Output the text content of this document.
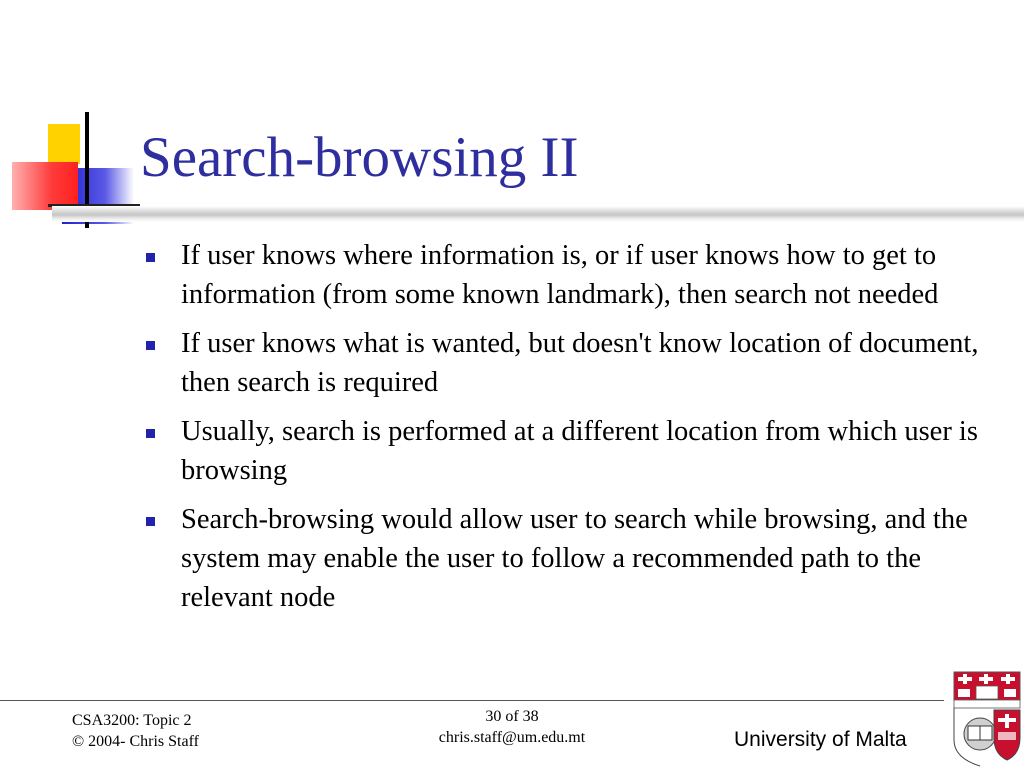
Search-browsing II
If user knows where information is, or if user knows how to get to information (from some known landmark), then search not needed
If user knows what is wanted, but doesn't know location of document, then search is required
Usually, search is performed at a different location from which user is browsing
Search-browsing would allow user to search while browsing, and the system may enable the user to follow a recommended path to the relevant node
CSA3200: Topic 2
© 2004- Chris Staff
30 of 38
chris.staff@um.edu.mt	University of Malta
